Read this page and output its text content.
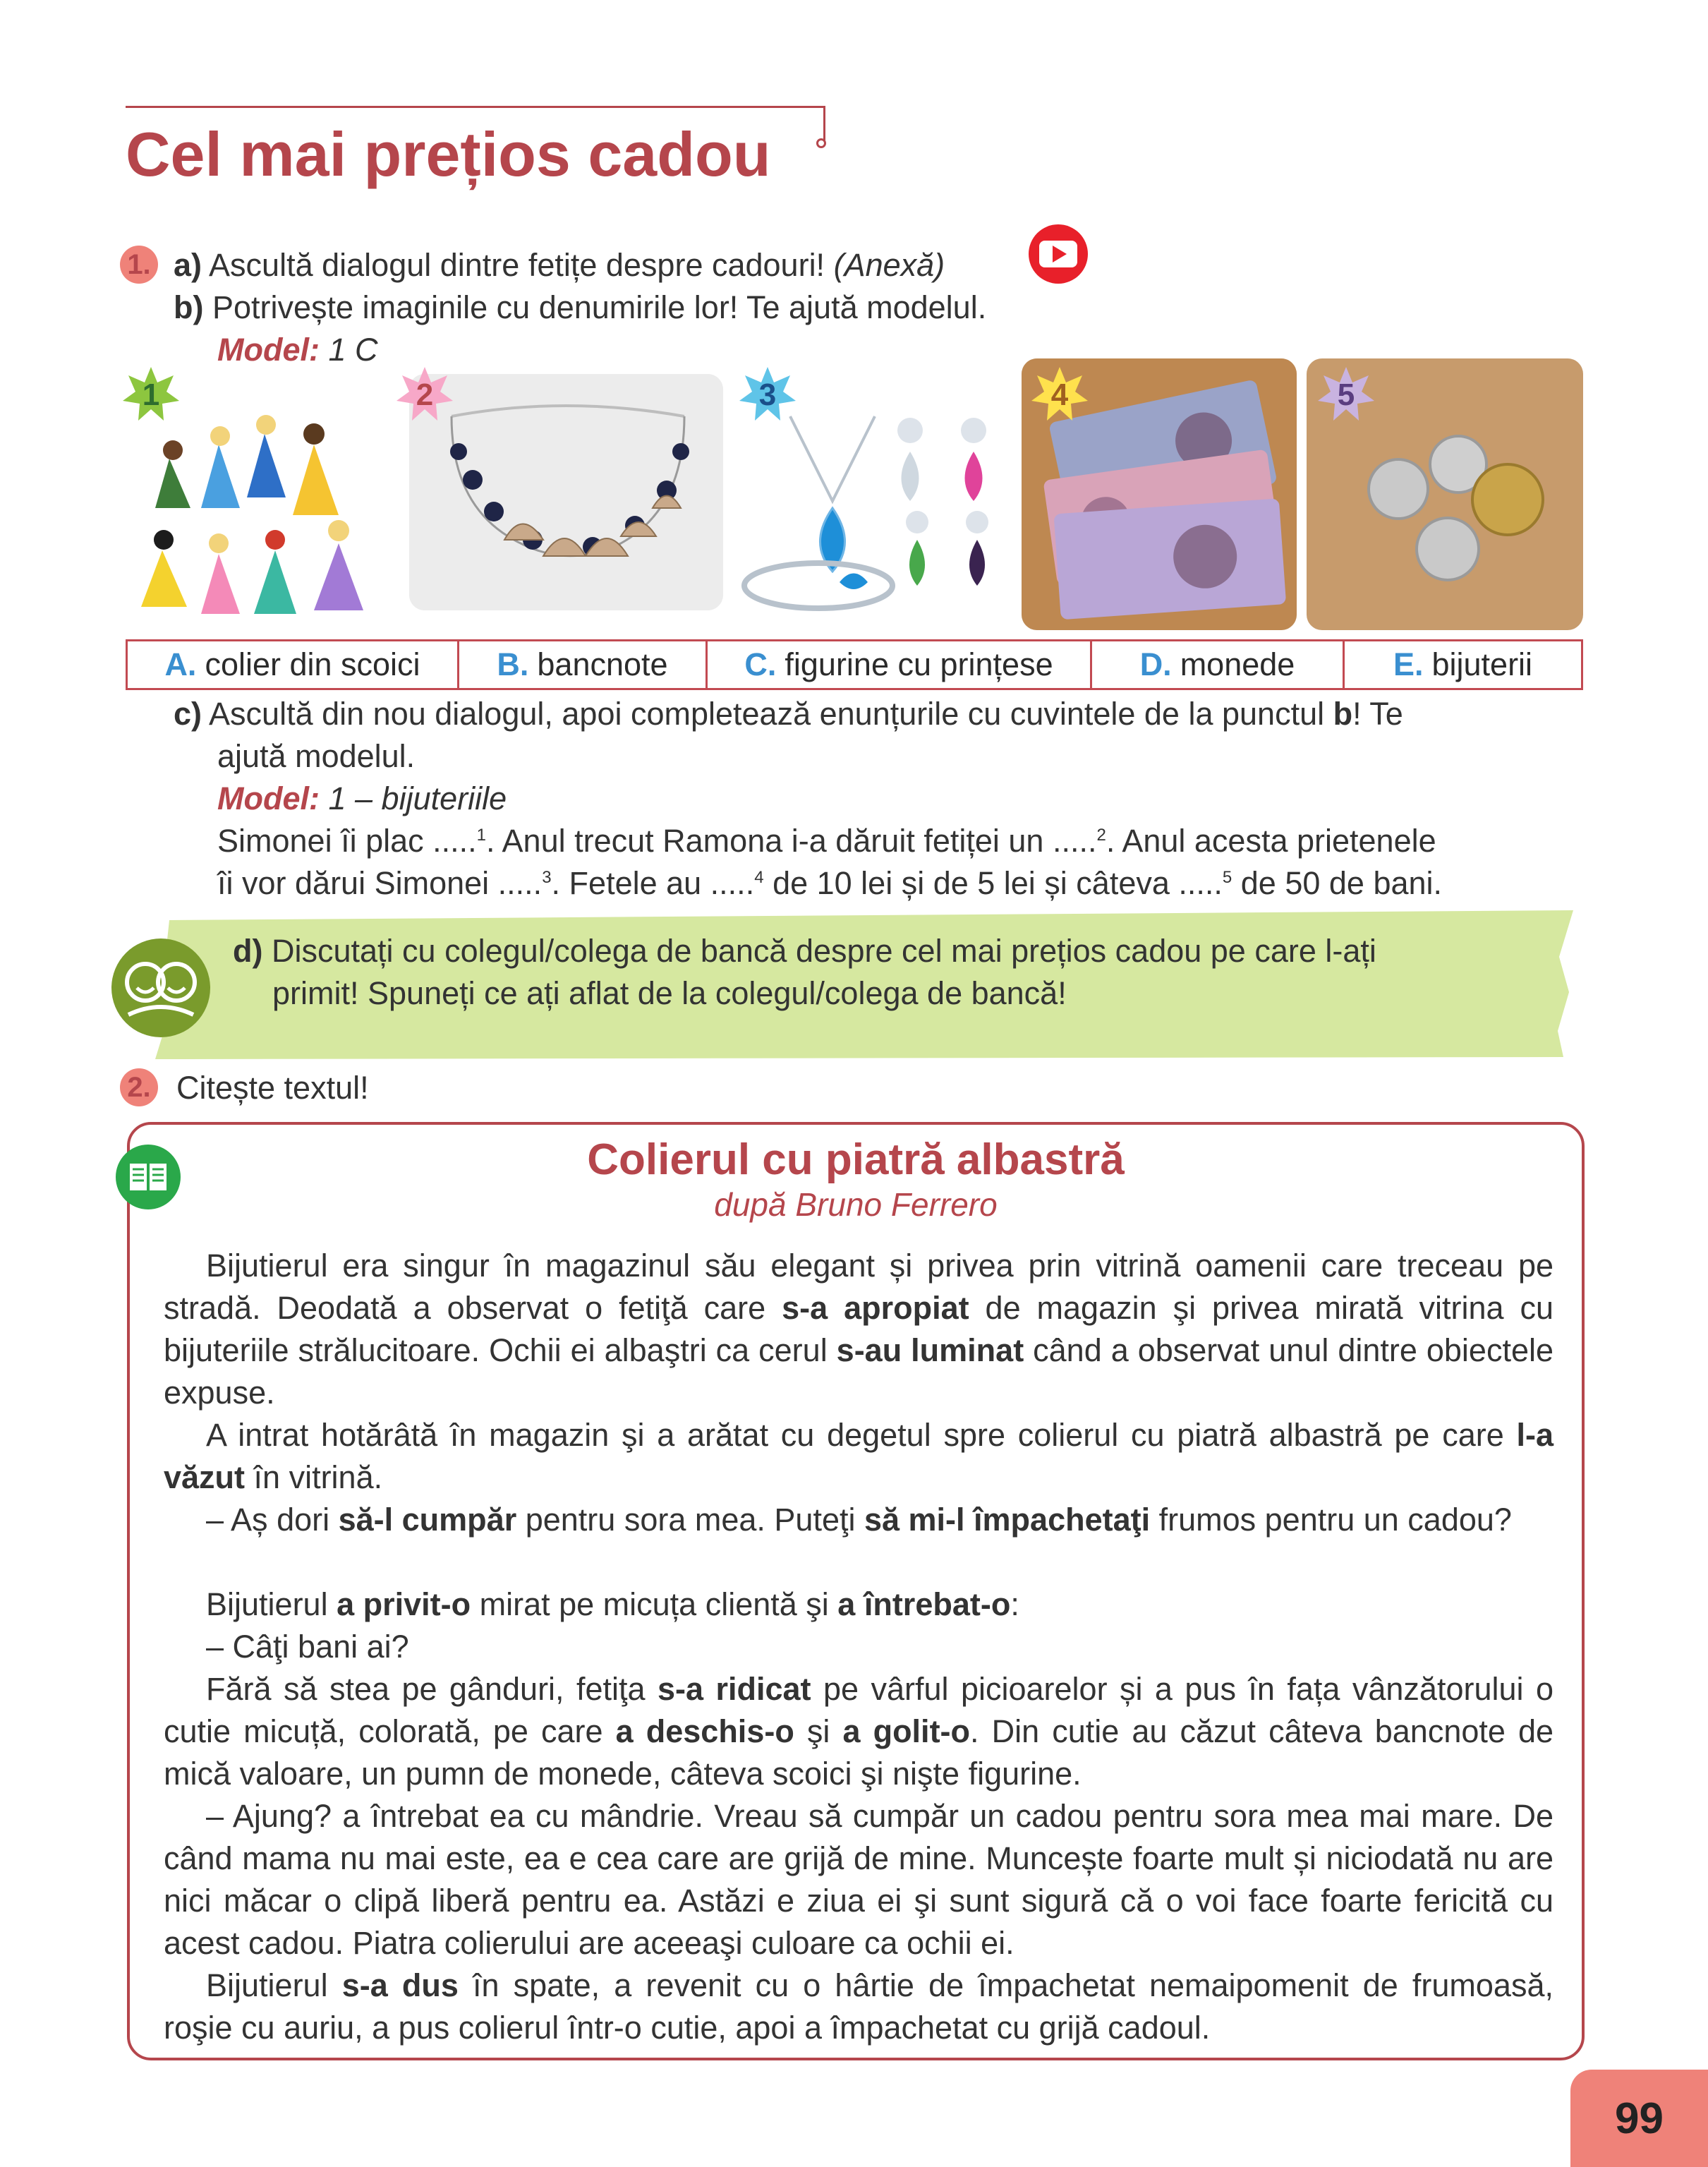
Cel mai prețios cadou
1. a) Ascultă dialogul dintre fetițe despre cadouri! (Anexă)
b) Potrivește imaginile cu denumirile lor! Te ajută modelul.
Model: 1 C
1	2	3	4	5
A. colier din scoici B. bancnote C. figurine cu prințese	D. monede	E. bijuterii
c) Ascultă din nou dialogul, apoi completează enunțurile cu cuvintele de la punctul b! Te
ajută modelul.
Model: 1 – bijuteriile
Simonei îi plac .....$^1$. Anul trecut Ramona i-a dăruit fetiței un .....$^2$. Anul acesta prietenele
îi vor dărui Simonei .....$^3$. Fetele au .....$^4$ de 10 lei și de 5 lei și câteva .....$^5$ de 50 de bani.
d) Discutați cu colegul/colega de bancă despre cel mai prețios cadou pe care l-ați
primit! Spuneți ce ați aflat de la colegul/colega de bancă!
2. Citește textul!
Colierul cu piatră albastră
după Bruno Ferrero
Bijutierul era singur în magazinul său elegant și privea prin vitrină oamenii care treceau pe stradă. Deodată a observat o fetiţă care s-a apropiat de magazin şi privea mirată vitrina cu bijuteriile strălucitoare. Ochii ei albaştri ca cerul s-au luminat când a observat unul dintre obiectele expuse.
A intrat hotărâtă în magazin şi a arătat cu degetul spre colierul cu piatră albastră pe care l-a văzut în vitrină.
– Aș dori să-l cumpăr pentru sora mea. Puteţi să mi-l împachetaţi frumos pentru un cadou?
Bijutierul a privit-o mirat pe micuța clientă şi a întrebat-o:
– Câţi bani ai?
Fără să stea pe gânduri, fetiţa s-a ridicat pe vârful picioarelor și a pus în fața vânzătorului o cutie micuță, colorată, pe care a deschis-o şi a golit-o. Din cutie au căzut câteva bancnote de mică valoare, un pumn de monede, câteva scoici şi nişte figurine.
– Ajung? a întrebat ea cu mândrie. Vreau să cumpăr un cadou pentru sora mea mai mare. De când mama nu mai este, ea e cea care are grijă de mine. Muncește foarte mult și niciodată nu are nici măcar o clipă liberă pentru ea. Astăzi e ziua ei şi sunt sigură că o voi face foarte fericită cu acest cadou. Piatra colierului are aceeaşi culoare ca ochii ei.
Bijutierul s-a dus în spate, a revenit cu o hârtie de împachetat nemaipomenit de frumoasă, roşie cu auriu, a pus colierul într-o cutie, apoi a împachetat cu grijă cadoul.
99
